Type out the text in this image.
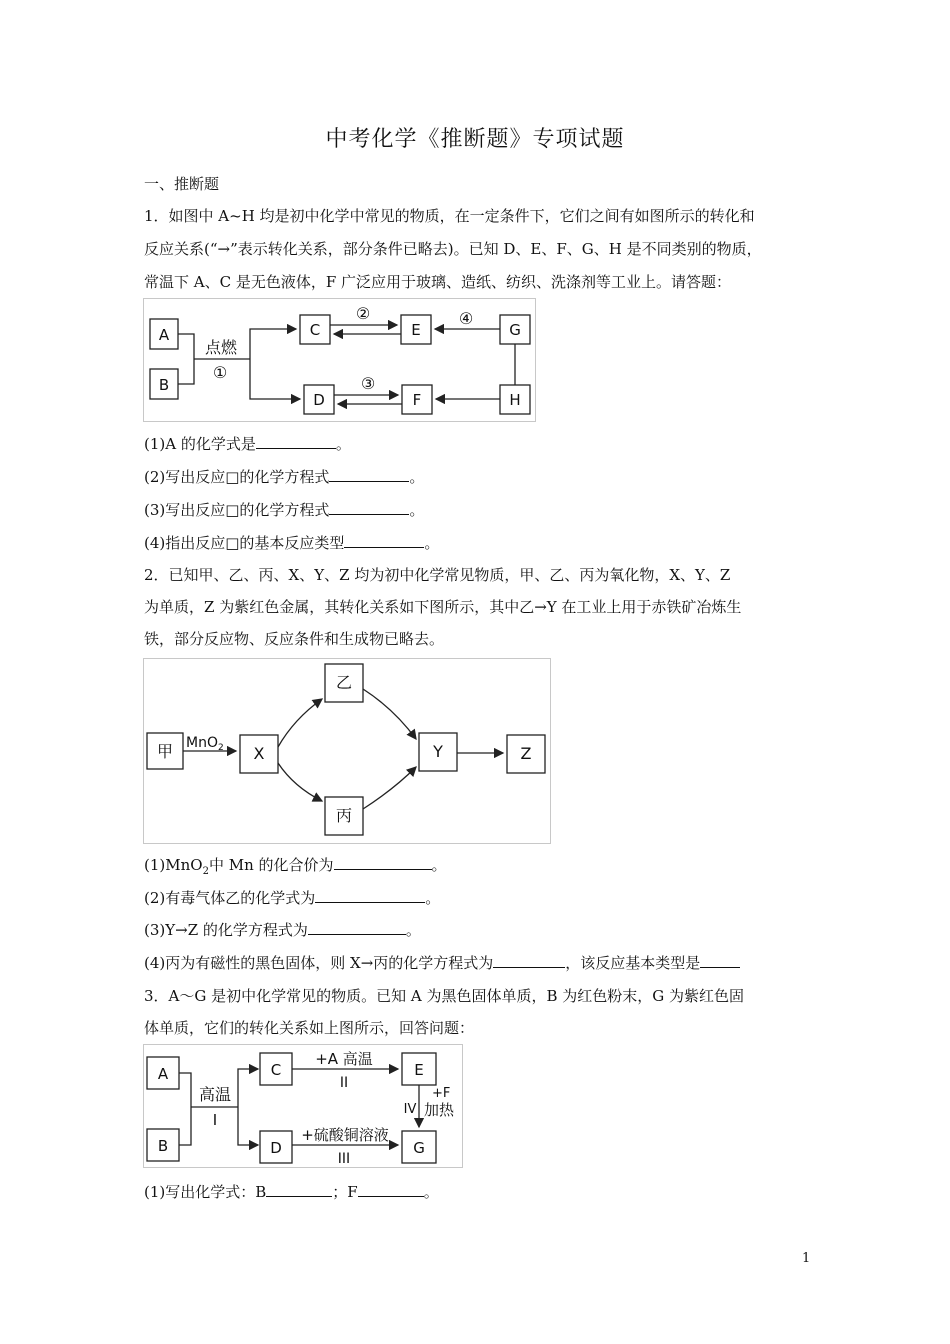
中考化学《推断题》专项试题
一、推断题
1．如图中 A~H 均是初中化学中常见的物质，在一定条件下，它们之间有如图所示的转化和
反应关系(“→”表示转化关系，部分条件已略去)。已知 D、E、F、G、H 是不同类别的物质，
常温下 A、C 是无色液体，F 广泛应用于玻璃、造纸、纺织、洗涤剂等工业上。请答题：
A
B
C
D
E
F
G
H
点燃
①
②
③
④
(1)A 的化学式是	。
(2)写出反应□的化学方程式	。
(3)写出反应□的化学方程式	。
(4)指出反应□的基本反应类型	。
2．已知甲、乙、丙、X、Y、Z 均为初中化学常见物质，甲、乙、丙为氧化物，X、Y、Z
为单质，Z 为紫红色金属，其转化关系如下图所示，其中乙→Y 在工业上用于赤铁矿冶炼生
铁，部分反应物、反应条件和生成物已略去。
甲	X
乙
丙
Y	Z
MnO$_2$
(1)MnO$_2$中 Mn 的化合价为	。
(2)有毒气体乙的化学式为	。
(3)Y→Z 的化学方程式为	。
(4)丙为有磁性的黑色固体，则 X→丙的化学方程式为	，该反应基本类型是
3．A～G 是初中化学常见的物质。已知 A 为黑色固体单质，B 为红色粉末，G 为紫红色固
体单质，它们的转化关系如上图所示，回答问题：
A
B
C
D
E
G
高温
I
+A 高温
II
+硫酸铜溶液
III
+F
加热
IV
(1)写出化学式：B	；F	。
1
